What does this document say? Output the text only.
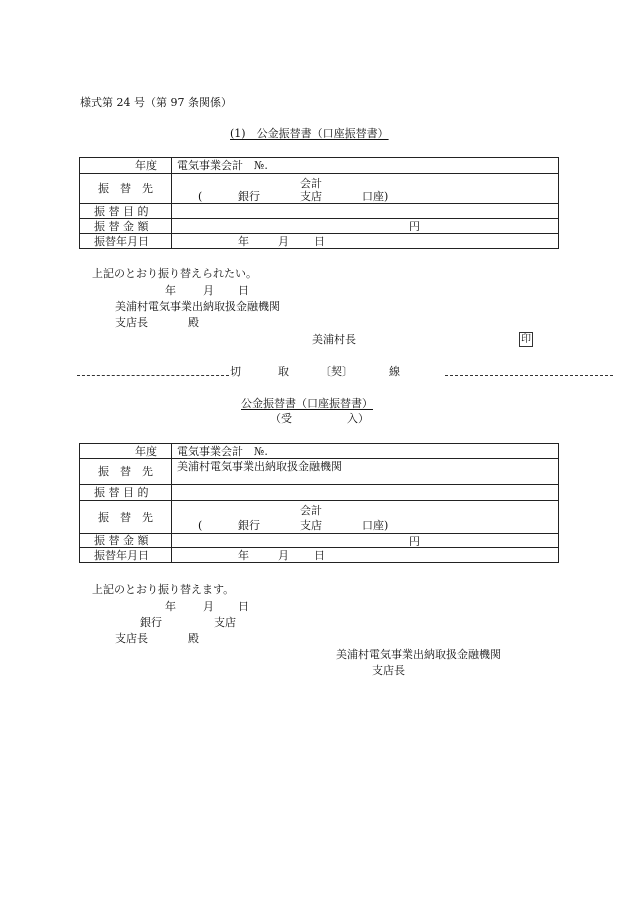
様式第 24 号（第 97 条関係）
(1)　公金振替書（口座振替書）
年度	電気事業会計　№.
振　替　先	会計
( 銀行 支店 口座)

振 替 目 的	
振 替 金 額	円

振替年月日	年 月 日
上記のとおり振り替えられたい。
年 月 日
美浦村電気事業出納取扱金融機関
支店長	殿
美浦村長	印
切	取	〔契〕	線
公金振替書（口座振替書）
（受　　　　　入）
年度	電気事業会計　№.
振　替　先	美浦村電気事業出納取扱金融機関

振 替 目 的	
振　替　先	会計
( 銀行 支店 口座)

振 替 金 額	円

振替年月日	年 月 日
上記のとおり振り替えます。
年 月 日
銀行	支店
支店長	殿
美浦村電気事業出納取扱金融機関
支店長
